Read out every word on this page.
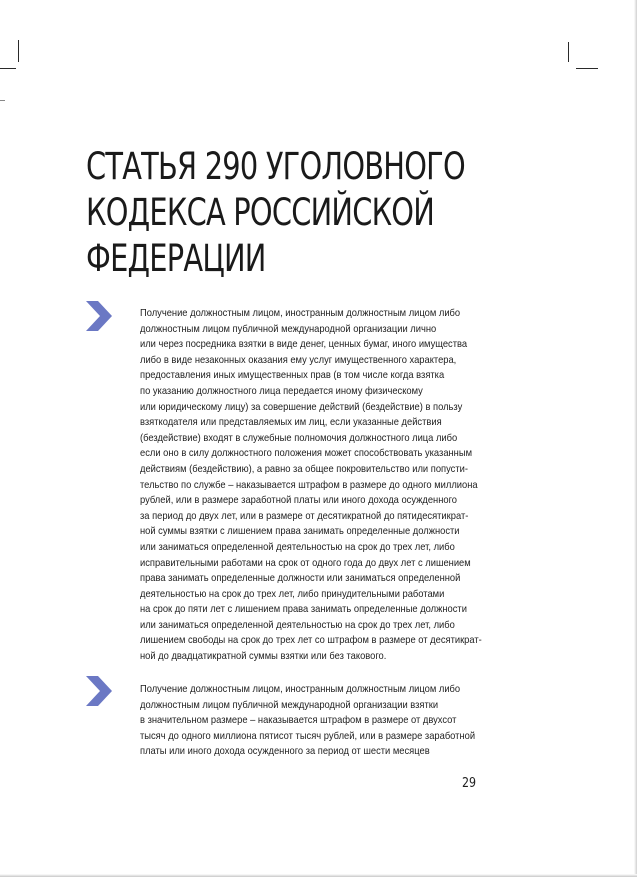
СТАТЬЯ 290 УГОЛОВНОГО
КОДЕКСА РОССИЙСКОЙ
ФЕДЕРАЦИИ
Получение должностным лицом, иностранным должностным лицом либо
должностным лицом публичной международной организации лично
или через посредника взятки в виде денег, ценных бумаг, иного имущества
либо в виде незаконных оказания ему услуг имущественного характера,
предоставления иных имущественных прав (в том числе когда взятка
по указанию должностного лица передается иному физическому
или юридическому лицу) за совершение действий (бездействие) в пользу
взяткодателя или представляемых им лиц, если указанные действия
(бездействие) входят в служебные полномочия должностного лица либо
если оно в силу должностного положения может способствовать указанным
действиям (бездействию), а равно за общее покровительство или попусти-
тельство по службе – наказывается штрафом в размере до одного миллиона
рублей, или в размере заработной платы или иного дохода осужденного
за период до двух лет, или в размере от десятикратной до пятидесятикрат-
ной суммы взятки с лишением права занимать определенные должности
или заниматься определенной деятельностью на срок до трех лет, либо
исправительными работами на срок от одного года до двух лет с лишением
права занимать определенные должности или заниматься определенной
деятельностью на срок до трех лет, либо принудительными работами
на срок до пяти лет с лишением права занимать определенные должности
или заниматься определенной деятельностью на срок до трех лет, либо
лишением свободы на срок до трех лет со штрафом в размере от десятикрат-
ной до двадцатикратной суммы взятки или без такового.
Получение должностным лицом, иностранным должностным лицом либо
должностным лицом публичной международной организации взятки
в значительном размере – наказывается штрафом в размере от двухсот
тысяч до одного миллиона пятисот тысяч рублей, или в размере заработной
платы или иного дохода осужденного за период от шести месяцев
29
